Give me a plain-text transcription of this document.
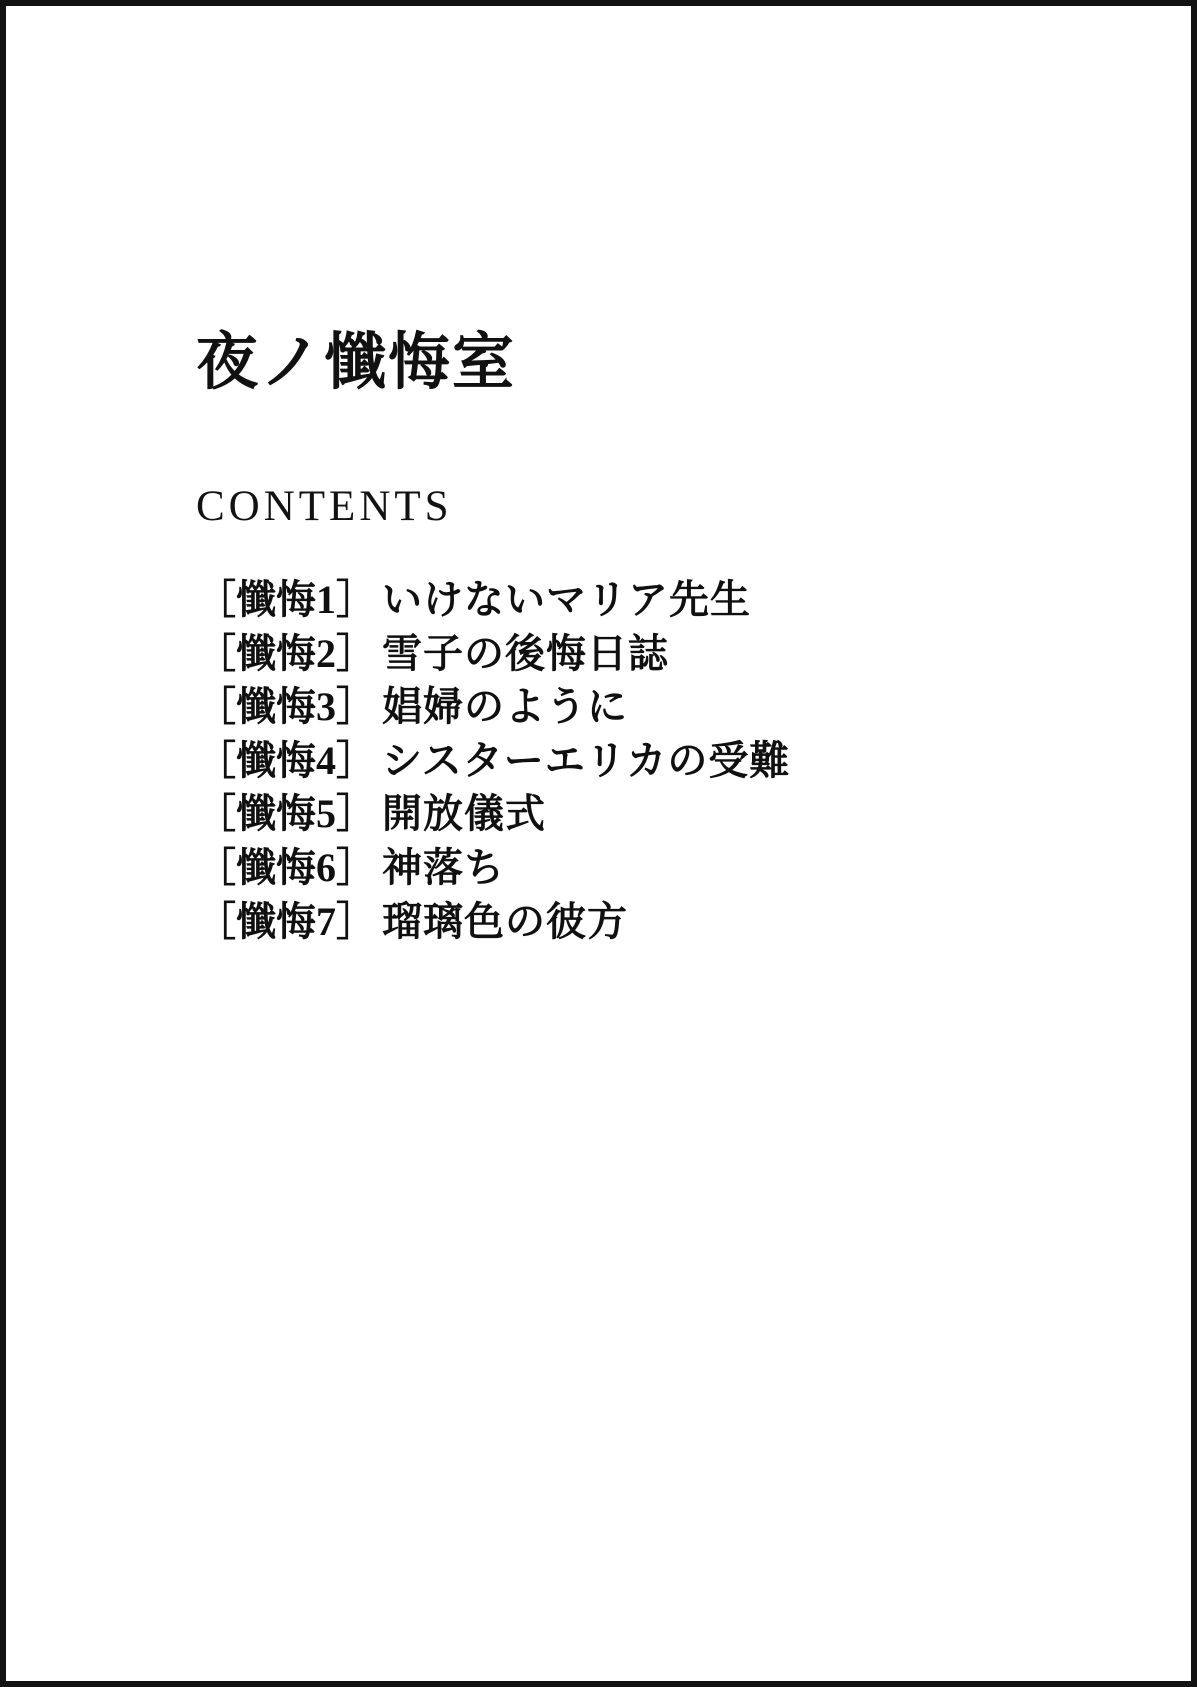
夜ノ懺悔室
CONTENTS
［懺悔1］ いけないマリア先生
［懺悔2］ 雪子の後悔日誌
［懺悔3］ 娼婦のように
［懺悔4］ シスターエリカの受難
［懺悔5］ 開放儀式
［懺悔6］ 神落ち
［懺悔7］ 瑠璃色の彼方
